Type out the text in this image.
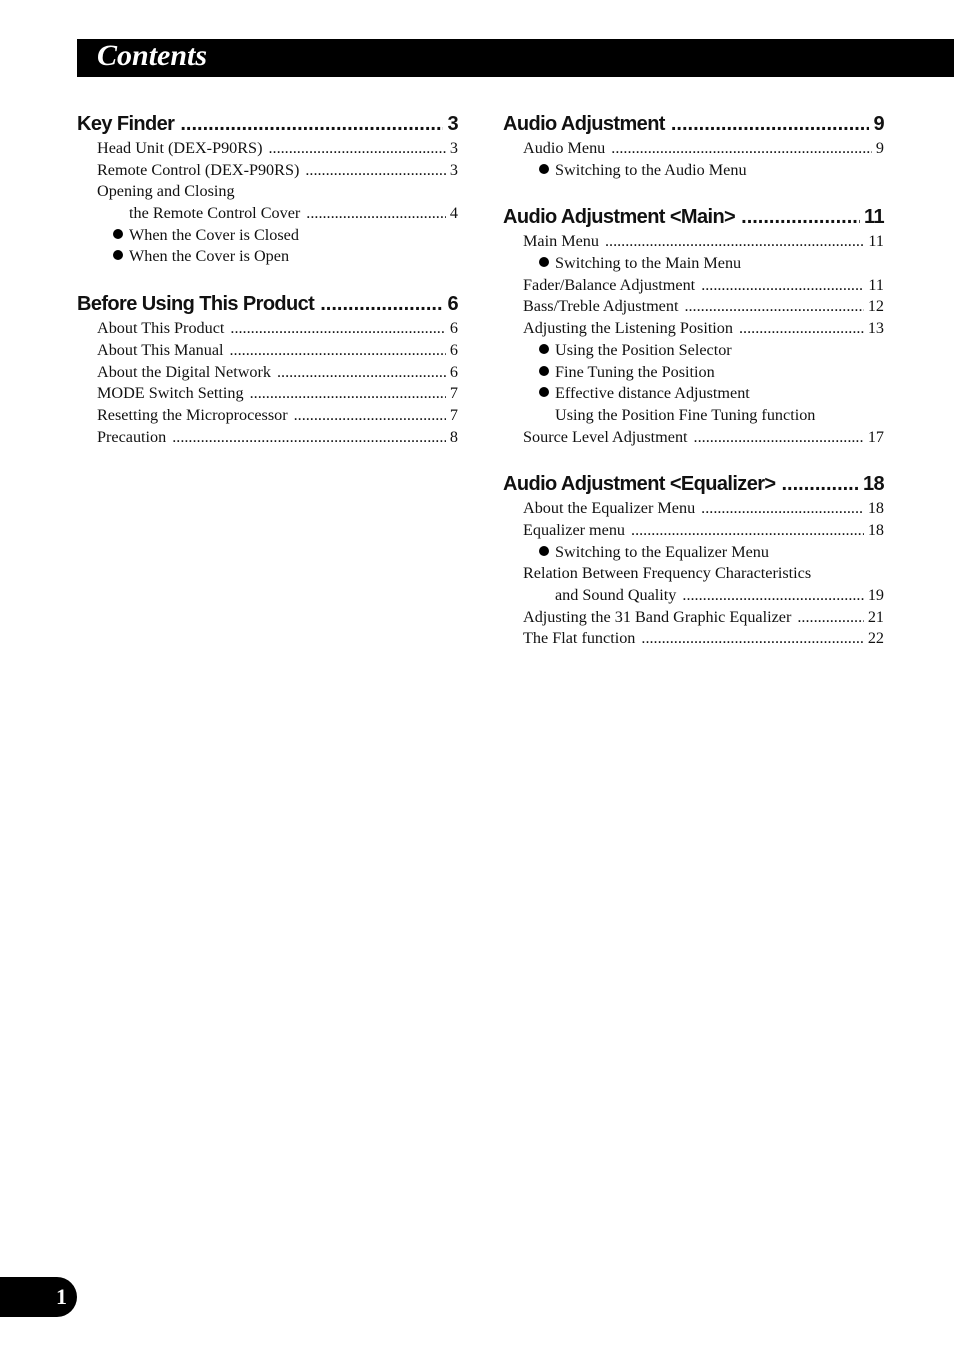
Contents
Key Finder .....	3
Head Unit (DEX-P90RS) .....	3
Remote Control (DEX-P90RS) .....	3
Opening and Closing
the Remote Control Cover .....	4
When the Cover is Closed
When the Cover is Open
Before Using This Product .....	6
About This Product .....	6
About This Manual .....	6
About the Digital Network .....	6
MODE Switch Setting .....	7
Resetting the Microprocessor .....	7
Precaution .....	8
Audio Adjustment .....	9
Audio Menu .....	9
Switching to the Audio Menu
Audio Adjustment <Main> .....	11
Main Menu .....	11
Switching to the Main Menu
Fader/Balance Adjustment .....	11
Bass/Treble Adjustment .....	12
Adjusting the Listening Position .....	13
Using the Position Selector
Fine Tuning the Position
Effective distance Adjustment
Using the Position Fine Tuning function
Source Level Adjustment .....	17
Audio Adjustment <Equalizer> .....	18
About the Equalizer Menu .....	18
Equalizer menu .....	18
Switching to the Equalizer Menu
Relation Between Frequency Characteristics
and Sound Quality .....	19
Adjusting the 31 Band Graphic Equalizer .....	21
The Flat function .....	22
1
